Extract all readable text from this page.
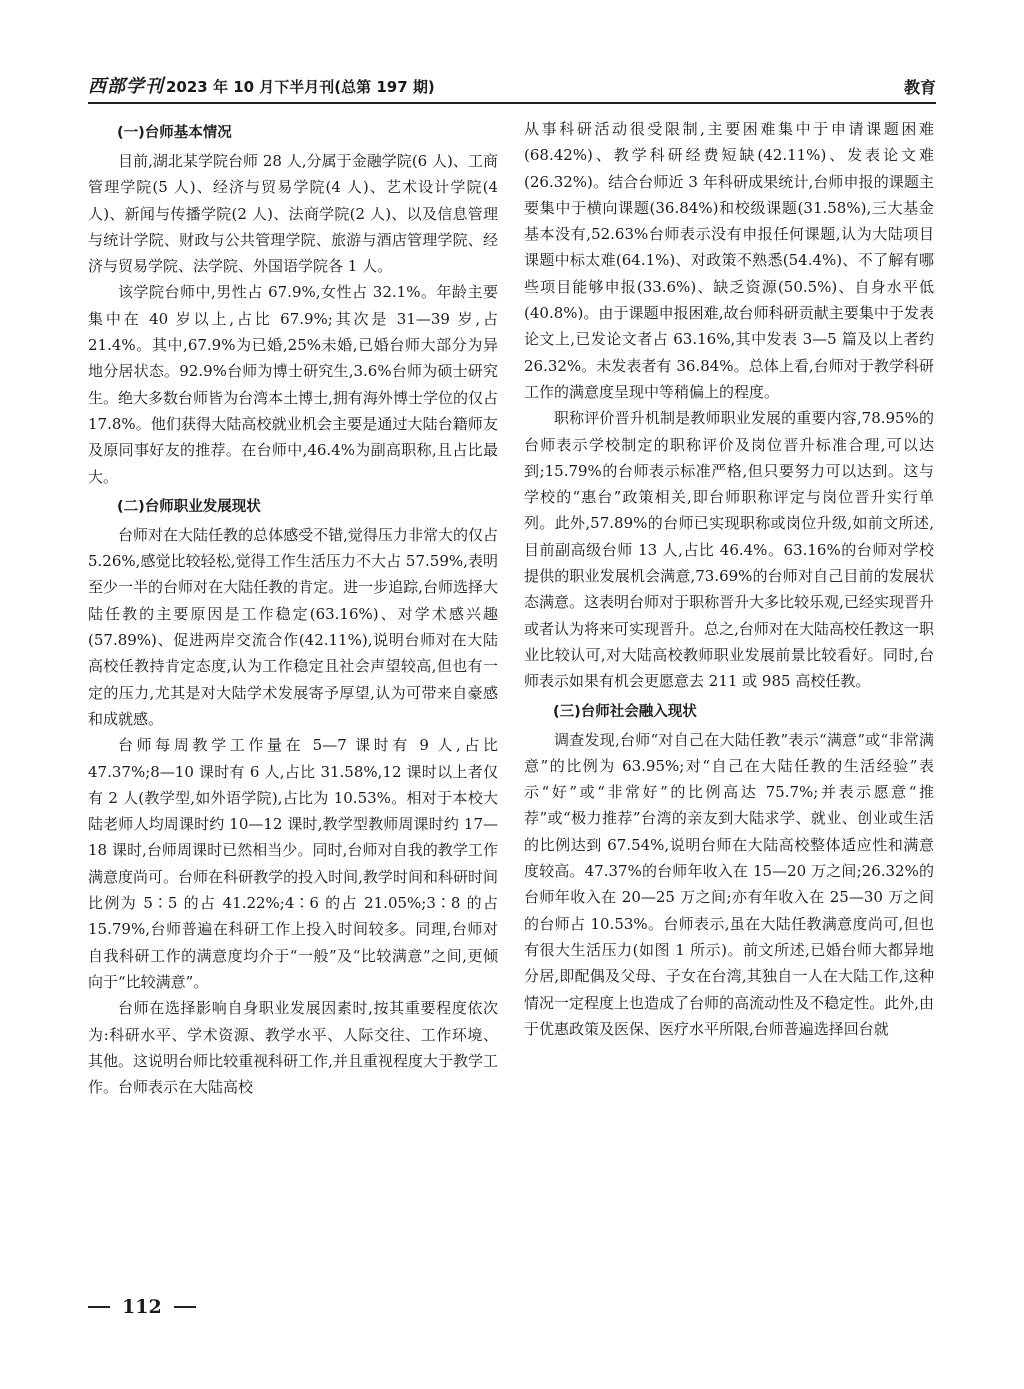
西部学刊 2023 年 10 月下半月刊(总第 197 期)	教育
(一)台师基本情况

目前,湖北某学院台师 28 人,分属于金融学院(6 人)、工商管理学院(5 人)、经济与贸易学院(4 人)、艺术设计学院(4 人)、新闻与传播学院(2 人)、法商学院(2 人)、以及信息管理与统计学院、财政与公共管理学院、旅游与酒店管理学院、经济与贸易学院、法学院、外国语学院各 1 人。

该学院台师中,男性占 67.9%,女性占 32.1%。年龄主要集中在 40 岁以上,占比 67.9%;其次是 31—39 岁,占 21.4%。其中,67.9%为已婚,25%未婚,已婚台师大部分为异地分居状态。92.9%台师为博士研究生,3.6%台师为硕士研究生。绝大多数台师皆为台湾本土博士,拥有海外博士学位的仅占 17.8%。他们获得大陆高校就业机会主要是通过大陆台籍师友及原同事好友的推荐。在台师中,46.4%为副高职称,且占比最大。

(二)台师职业发展现状

台师对在大陆任教的总体感受不错,觉得压力非常大的仅占 5.26%,感觉比较轻松,觉得工作生活压力不大占 57.59%,表明至少一半的台师对在大陆任教的肯定。进一步追踪,台师选择大陆任教的主要原因是工作稳定(63.16%)、对学术感兴趣(57.89%)、促进两岸交流合作(42.11%),说明台师对在大陆高校任教持肯定态度,认为工作稳定且社会声望较高,但也有一定的压力,尤其是对大陆学术发展寄予厚望,认为可带来自豪感和成就感。

台师每周教学工作量在 5—7 课时有 9 人,占比 47.37%;8—10 课时有 6 人,占比 31.58%,12 课时以上者仅有 2 人(教学型,如外语学院),占比为 10.53%。相对于本校大陆老师人均周课时约 10—12 课时,教学型教师周课时约 17—18 课时,台师周课时已然相当少。同时,台师对自我的教学工作满意度尚可。台师在科研教学的投入时间,教学时间和科研时间比例为 5∶5 的占 41.22%;4∶6 的占 21.05%;3∶8 的占 15.79%,台师普遍在科研工作上投入时间较多。同理,台师对自我科研工作的满意度均介于“一般”及“比较满意”之间,更倾向于“比较满意”。

台师在选择影响自身职业发展因素时,按其重要程度依次为:科研水平、学术资源、教学水平、人际交往、工作环境、其他。这说明台师比较重视科研工作,并且重视程度大于教学工作。台师表示在大陆高校

从事科研活动很受限制,主要困难集中于申请课题困难(68.42%)、教学科研经费短缺(42.11%)、发表论文难(26.32%)。结合台师近 3 年科研成果统计,台师申报的课题主要集中于横向课题(36.84%)和校级课题(31.58%),三大基金基本没有,52.63%台师表示没有申报任何课题,认为大陆项目课题中标太难(64.1%)、对政策不熟悉(54.4%)、不了解有哪些项目能够申报(33.6%)、缺乏资源(50.5%)、自身水平低(40.8%)。由于课题申报困难,故台师科研贡献主要集中于发表论文上,已发论文者占 63.16%,其中发表 3—5 篇及以上者约 26.32%。未发表者有 36.84%。总体上看,台师对于教学科研工作的满意度呈现中等稍偏上的程度。

职称评价晋升机制是教师职业发展的重要内容,78.95%的台师表示学校制定的职称评价及岗位晋升标准合理,可以达到;15.79%的台师表示标准严格,但只要努力可以达到。这与学校的“惠台”政策相关,即台师职称评定与岗位晋升实行单列。此外,57.89%的台师已实现职称或岗位升级,如前文所述,目前副高级台师 13 人,占比 46.4%。63.16%的台师对学校提供的职业发展机会满意,73.69%的台师对自己目前的发展状态满意。这表明台师对于职称晋升大多比较乐观,已经实现晋升或者认为将来可实现晋升。总之,台师对在大陆高校任教这一职业比较认可,对大陆高校教师职业发展前景比较看好。同时,台师表示如果有机会更愿意去 211 或 985 高校任教。

(三)台师社会融入现状

调查发现,台师“对自己在大陆任教”表示“满意”或“非常满意”的比例为 63.95%;对“自己在大陆任教的生活经验”表示“好”或“非常好”的比例高达 75.7%;并表示愿意“推荐”或“极力推荐”台湾的亲友到大陆求学、就业、创业或生活的比例达到 67.54%,说明台师在大陆高校整体适应性和满意度较高。47.37%的台师年收入在 15—20 万之间;26.32%的台师年收入在 20—25 万之间;亦有年收入在 25—30 万之间的台师占 10.53%。台师表示,虽在大陆任教满意度尚可,但也有很大生活压力(如图 1 所示)。前文所述,已婚台师大都异地分居,即配偶及父母、子女在台湾,其独自一人在大陆工作,这种情况一定程度上也造成了台师的高流动性及不稳定性。此外,由于优惠政策及医保、医疗水平所限,台师普遍选择回台就

112
